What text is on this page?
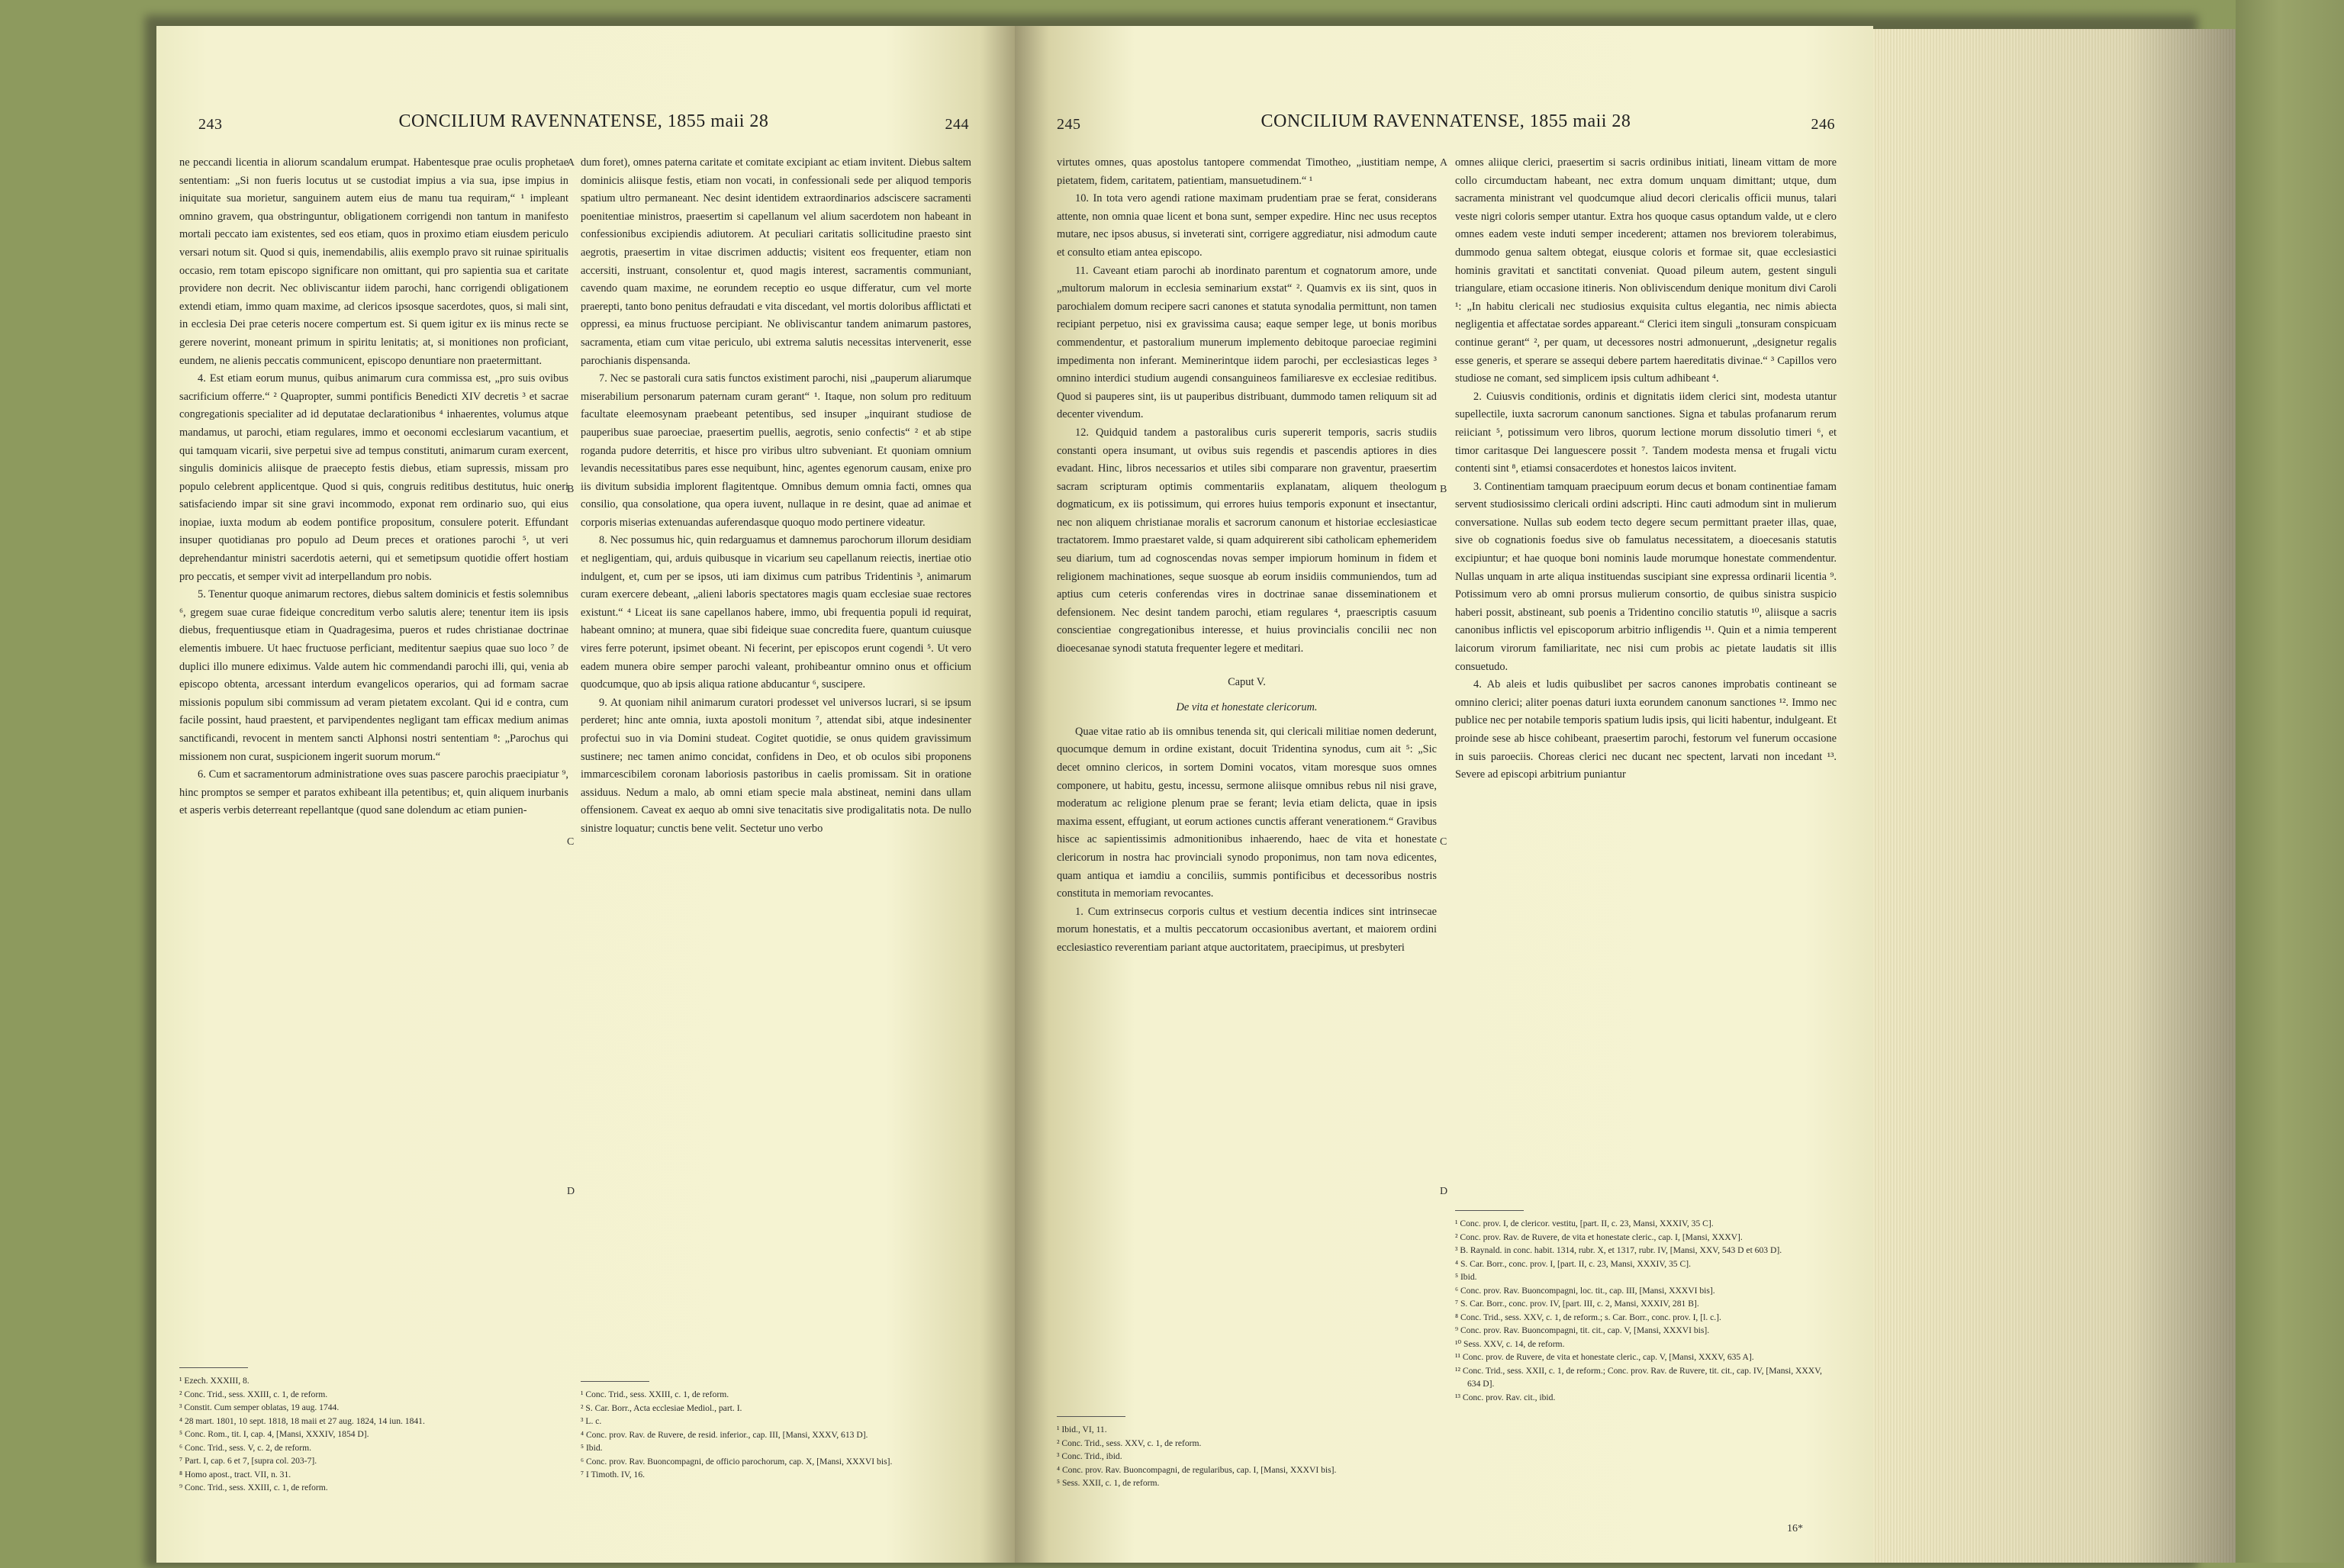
243	CONCILIUM RAVENNATENSE, 1855 maii 28	244

ne peccandi licentia in aliorum scandalum erumpat. Habentesque prae oculis prophetae sententiam: „Si non fueris locutus ut se custodiat impius a via sua, ipse impius in iniquitate sua morietur, sanguinem autem eius de manu tua requiram,“ ¹ impleant omnino gravem, qua obstringuntur, obligationem corrigendi non tantum in manifesto mortali peccato iam existentes, sed eos etiam, quos in proximo etiam eiusdem periculo versari notum sit. Quod si quis, inemendabilis, aliis exemplo pravo sit ruinae spiritualis occasio, rem totam episcopo significare non omittant, qui pro sapientia sua et caritate providere non decrit. Nec obliviscantur iidem parochi, hanc corrigendi obligationem extendi etiam, immo quam maxime, ad clericos ipsosque sacerdotes, quos, si mali sint, in ecclesia Dei prae ceteris nocere compertum est. Si quem igitur ex iis minus recte se gerere noverint, moneant primum in spiritu lenitatis; at, si monitiones non proficiant, eundem, ne alienis peccatis communicent, episcopo denuntiare non praetermittant.

4. Est etiam eorum munus, quibus animarum cura commissa est, „pro suis ovibus sacrificium offerre.“ ² Quapropter, summi pontificis Benedicti XIV decretis ³ et sacrae congregationis specialiter ad id deputatae declarationibus ⁴ inhaerentes, volumus atque mandamus, ut parochi, etiam regulares, immo et oeconomi ecclesiarum vacantium, et qui tamquam vicarii, sive perpetui sive ad tempus constituti, animarum curam exercent, singulis dominicis aliisque de praecepto festis diebus, etiam supressis, missam pro populo celebrent applicentque. Quod si quis, congruis reditibus destitutus, huic oneri satisfaciendo impar sit sine gravi incommodo, exponat rem ordinario suo, qui eius inopiae, iuxta modum ab eodem pontifice propositum, consulere poterit. Effundant insuper quotidianas pro populo ad Deum preces et orationes parochi ⁵, ut veri deprehendantur ministri sacerdotis aeterni, qui et semetipsum quotidie offert hostiam pro peccatis, et semper vivit ad interpellandum pro nobis.

5. Tenentur quoque animarum rectores, diebus saltem dominicis et festis solemnibus ⁶, gregem suae curae fideique concreditum verbo salutis alere; tenentur item iis ipsis diebus, frequentiusque etiam in Quadragesima, pueros et rudes christianae doctrinae elementis imbuere. Ut haec fructuose perficiant, meditentur saepius quae suo loco ⁷ de duplici illo munere ediximus. Valde autem hic commendandi parochi illi, qui, venia ab episcopo obtenta, arcessant interdum evangelicos operarios, qui ad formam sacrae missionis populum sibi commissum ad veram pietatem excolant. Qui id e contra, cum facile possint, haud praestent, et parvipendentes negligant tam efficax medium animas sanctificandi, revocent in mentem sancti Alphonsi nostri sententiam ⁸: „Parochus qui missionem non curat, suspicionem ingerit suorum morum.“

6. Cum et sacramentorum administratione oves suas pascere parochis praecipiatur ⁹, hinc promptos se semper et paratos exhibeant illa petentibus; et, quin aliquem inurbanis et asperis verbis deterreant repellantque (quod sane dolendum ac etiam punien-

¹ Ezech. XXXIII, 8.
² Conc. Trid., sess. XXIII, c. 1, de reform.
³ Constit. Cum semper oblatas, 19 aug. 1744.
⁴ 28 mart. 1801, 10 sept. 1818, 18 maii et 27 aug. 1824, 14 iun. 1841.
⁵ Conc. Rom., tit. I, cap. 4, [Mansi, XXXIV, 1854 D].
⁶ Conc. Trid., sess. V, c. 2, de reform.
⁷ Part. I, cap. 6 et 7, [supra col. 203-7].
⁸ Homo apost., tract. VII, n. 31.
⁹ Conc. Trid., sess. XXIII, c. 1, de reform.
A
B
C
D

dum foret), omnes paterna caritate et comitate excipiant ac etiam invitent. Diebus saltem dominicis aliisque festis, etiam non vocati, in confessionali sede per aliquod temporis spatium ultro permaneant. Nec desint identidem extraordinarios adsciscere sacramenti poenitentiae ministros, praesertim si capellanum vel alium sacerdotem non habeant in confessionibus excipiendis adiutorem. At peculiari caritatis sollicitudine praesto sint aegrotis, praesertim in vitae discrimen adductis; visitent eos frequenter, etiam non accersiti, instruant, consolentur et, quod magis interest, sacramentis communiant, cavendo quam maxime, ne eorundem receptio eo usque differatur, cum vel morte praerepti, tanto bono penitus defraudati e vita discedant, vel mortis doloribus afflictati et oppressi, ea minus fructuose percipiant. Ne obliviscantur tandem animarum pastores, sacramenta, etiam cum vitae periculo, ubi extrema salutis necessitas intervenerit, esse parochianis dispensanda.

7. Nec se pastorali cura satis functos existiment parochi, nisi „pauperum aliarumque miserabilium personarum paternam curam gerant“ ¹. Itaque, non solum pro redituum facultate eleemosynam praebeant petentibus, sed insuper „inquirant studiose de pauperibus suae paroeciae, praesertim puellis, aegrotis, senio confectis“ ² et ab stipe roganda pudore deterritis, et hisce pro viribus ultro subveniant. Et quoniam omnium levandis necessitatibus pares esse nequibunt, hinc, agentes egenorum causam, enixe pro iis divitum subsidia implorent flagitentque. Omnibus demum omnia facti, omnes qua consilio, qua consolatione, qua opera iuvent, nullaque in re desint, quae ad animae et corporis miserias extenuandas auferendasque quoquo modo pertinere videatur.

8. Nec possumus hic, quin redarguamus et damnemus parochorum illorum desidiam et negligentiam, qui, arduis quibusque in vicarium seu capellanum reiectis, inertiae otio indulgent, et, cum per se ipsos, uti iam diximus cum patribus Tridentinis ³, animarum curam exercere debeant, „alieni laboris spectatores magis quam ecclesiae suae rectores existunt.“ ⁴ Liceat iis sane capellanos habere, immo, ubi frequentia populi id requirat, habeant omnino; at munera, quae sibi fideique suae concredita fuere, quantum cuiusque vires ferre poterunt, ipsimet obeant. Ni fecerint, per episcopos erunt cogendi ⁵. Ut vero eadem munera obire semper parochi valeant, prohibeantur omnino onus et officium quodcumque, quo ab ipsis aliqua ratione abducantur ⁶, suscipere.

9. At quoniam nihil animarum curatori prodesset vel universos lucrari, si se ipsum perderet; hinc ante omnia, iuxta apostoli monitum ⁷, attendat sibi, atque indesinenter profectui suo in via Domini studeat. Cogitet quotidie, se onus quidem gravissimum sustinere; nec tamen animo concidat, confidens in Deo, et ob oculos sibi proponens immarcescibilem coronam laboriosis pastoribus in caelis promissam. Sit in oratione assiduus. Nedum a malo, ab omni etiam specie mala abstineat, nemini dans ullam offensionem. Caveat ex aequo ab omni sive tenacitatis sive prodigalitatis nota. De nullo sinistre loquatur; cunctis bene velit. Sectetur uno verbo

¹ Conc. Trid., sess. XXIII, c. 1, de reform.
² S. Car. Borr., Acta ecclesiae Mediol., part. I.
³ L. c.
⁴ Conc. prov. Rav. de Ruvere, de resid. inferior., cap. III, [Mansi, XXXV, 613 D].
⁵ Ibid.
⁶ Conc. prov. Rav. Buoncompagni, de officio parochorum, cap. X, [Mansi, XXXVI bis].
⁷ I Timoth. IV, 16.
245	CONCILIUM RAVENNATENSE, 1855 maii 28	246

virtutes omnes, quas apostolus tantopere commendat Timotheo, „iustitiam nempe, pietatem, fidem, caritatem, patientiam, mansuetudinem.“ ¹

10. In tota vero agendi ratione maximam prudentiam prae se ferat, considerans attente, non omnia quae licent et bona sunt, semper expedire. Hinc nec usus receptos mutare, nec ipsos abusus, si inveterati sint, corrigere aggrediatur, nisi admodum caute et consulto etiam antea episcopo.

11. Caveant etiam parochi ab inordinato parentum et cognatorum amore, unde „multorum malorum in ecclesia seminarium exstat“ ². Quamvis ex iis sint, quos in parochialem domum recipere sacri canones et statuta synodalia permittunt, non tamen recipiant perpetuo, nisi ex gravissima causa; eaque semper lege, ut bonis moribus commendentur, et pastoralium munerum implemento debitoque paroeciae regimini impedimenta non inferant. Meminerintque iidem parochi, per ecclesiasticas leges ³ omnino interdici studium augendi consanguineos familiaresve ex ecclesiae reditibus. Quod si pauperes sint, iis ut pauperibus distribuant, dummodo tamen reliquum sit ad decenter vivendum.

12. Quidquid tandem a pastoralibus curis supererit temporis, sacris studiis constanti opera insumant, ut ovibus suis regendis et pascendis aptiores in dies evadant. Hinc, libros necessarios et utiles sibi comparare non graventur, praesertim sacram scripturam optimis commentariis explanatam, aliquem theologum dogmaticum, ex iis potissimum, qui errores huius temporis exponunt et insectantur, nec non aliquem christianae moralis et sacrorum canonum et historiae ecclesiasticae tractatorem. Immo praestaret valde, si quam adquirerent sibi catholicam ephemeridem seu diarium, tum ad cognoscendas novas semper impiorum hominum in fidem et religionem machinationes, seque suosque ab eorum insidiis communiendos, tum ad aptius cum ceteris conferendas vires in doctrinae sanae disseminationem et defensionem. Nec desint tandem parochi, etiam regulares ⁴, praescriptis casuum conscientiae congregationibus interesse, et huius provincialis concilii nec non dioecesanae synodi statuta frequenter legere et meditari.

Caput V.
De vita et honestate clericorum.

Quae vitae ratio ab iis omnibus tenenda sit, qui clericali militiae nomen dederunt, quocumque demum in ordine existant, docuit Tridentina synodus, cum ait ⁵: „Sic decet omnino clericos, in sortem Domini vocatos, vitam moresque suos omnes componere, ut habitu, gestu, incessu, sermone aliisque omnibus rebus nil nisi grave, moderatum ac religione plenum prae se ferant; levia etiam delicta, quae in ipsis maxima essent, effugiant, ut eorum actiones cunctis afferant venerationem.“ Gravibus hisce ac sapientissimis admonitionibus inhaerendo, haec de vita et honestate clericorum in nostra hac provinciali synodo proponimus, non tam nova edicentes, quam antiqua et iamdiu a conciliis, summis pontificibus et decessoribus nostris constituta in memoriam revocantes.

1. Cum extrinsecus corporis cultus et vestium decentia indices sint intrinsecae morum honestatis, et a multis peccatorum occasionibus avertant, et maiorem ordini ecclesiastico reverentiam pariant atque auctoritatem, praecipimus, ut presbyteri

¹ Ibid., VI, 11.
² Conc. Trid., sess. XXV, c. 1, de reform.
³ Conc. Trid., ibid.
⁴ Conc. prov. Rav. Buoncompagni, de regularibus, cap. I, [Mansi, XXXVI bis].
⁵ Sess. XXII, c. 1, de reform.
A
B
C
D

omnes aliique clerici, praesertim si sacris ordinibus initiati, lineam vittam de more collo circumductam habeant, nec extra domum unquam dimittant; utque, dum sacramenta ministrant vel quodcumque aliud decori clericalis officii munus, talari veste nigri coloris semper utantur. Extra hos quoque casus optandum valde, ut e clero omnes eadem veste induti semper incederent; attamen nos breviorem tolerabimus, dummodo genua saltem obtegat, eiusque coloris et formae sit, quae ecclesiastici hominis gravitati et sanctitati conveniat. Quoad pileum autem, gestent singuli triangulare, etiam occasione itineris. Non obliviscendum denique monitum divi Caroli ¹: „In habitu clericali nec studiosius exquisita cultus elegantia, nec nimis abiecta negligentia et affectatae sordes appareant.“ Clerici item singuli „tonsuram conspicuam continue gerant“ ², per quam, ut decessores nostri admonuerunt, „designetur regalis esse generis, et sperare se assequi debere partem haereditatis divinae.“ ³ Capillos vero studiose ne comant, sed simplicem ipsis cultum adhibeant ⁴.

2. Cuiusvis conditionis, ordinis et dignitatis iidem clerici sint, modesta utantur supellectile, iuxta sacrorum canonum sanctiones. Signa et tabulas profanarum rerum reiiciant ⁵, potissimum vero libros, quorum lectione morum dissolutio timeri ⁶, et timor caritasque Dei languescere possit ⁷. Tandem modesta mensa et frugali victu contenti sint ⁸, etiamsi consacerdotes et honestos laicos invitent.

3. Continentiam tamquam praecipuum eorum decus et bonam continentiae famam servent studiosissimo clericali ordini adscripti. Hinc cauti admodum sint in mulierum conversatione. Nullas sub eodem tecto degere secum permittant praeter illas, quae, sive ob cognationis foedus sive ob famulatus necessitatem, a dioecesanis statutis excipiuntur; et hae quoque boni nominis laude morumque honestate commendentur. Nullas unquam in arte aliqua instituendas suscipiant sine expressa ordinarii licentia ⁹. Potissimum vero ab omni prorsus mulierum consortio, de quibus sinistra suspicio haberi possit, abstineant, sub poenis a Tridentino concilio statutis ¹⁰, aliisque a sacris canonibus inflictis vel episcoporum arbitrio infligendis ¹¹. Quin et a nimia temperent laicorum virorum familiaritate, nec nisi cum probis ac pietate laudatis sit illis consuetudo.

4. Ab aleis et ludis quibuslibet per sacros canones improbatis contineant se omnino clerici; aliter poenas daturi iuxta eorundem canonum sanctiones ¹². Immo nec publice nec per notabile temporis spatium ludis ipsis, qui liciti habentur, indulgeant. Et proinde sese ab hisce cohibeant, praesertim parochi, festorum vel funerum occasione in suis paroeciis. Choreas clerici nec ducant nec spectent, larvati non incedant ¹³. Severe ad episcopi arbitrium puniantur

¹ Conc. prov. I, de clericor. vestitu, [part. II, c. 23, Mansi, XXXIV, 35 C].
² Conc. prov. Rav. de Ruvere, de vita et honestate cleric., cap. I, [Mansi, XXXV].
³ B. Raynald. in conc. habit. 1314, rubr. X, et 1317, rubr. IV, [Mansi, XXV, 543 D et 603 D].
⁴ S. Car. Borr., conc. prov. I, [part. II, c. 23, Mansi, XXXIV, 35 C].
⁵ Ibid.
⁶ Conc. prov. Rav. Buoncompagni, loc. tit., cap. III, [Mansi, XXXVI bis].
⁷ S. Car. Borr., conc. prov. IV, [part. III, c. 2, Mansi, XXXIV, 281 B].
⁸ Conc. Trid., sess. XXV, c. 1, de reform.; s. Car. Borr., conc. prov. I, [l. c.].
⁹ Conc. prov. Rav. Buoncompagni, tit. cit., cap. V, [Mansi, XXXVI bis].
¹⁰ Sess. XXV, c. 14, de reform.
¹¹ Conc. prov. de Ruvere, de vita et honestate cleric., cap. V, [Mansi, XXXV, 635 A].
¹² Conc. Trid., sess. XXII, c. 1, de reform.; Conc. prov. Rav. de Ruvere, tit. cit., cap. IV, [Mansi, XXXV, 634 D].
¹³ Conc. prov. Rav. cit., ibid.
16*
